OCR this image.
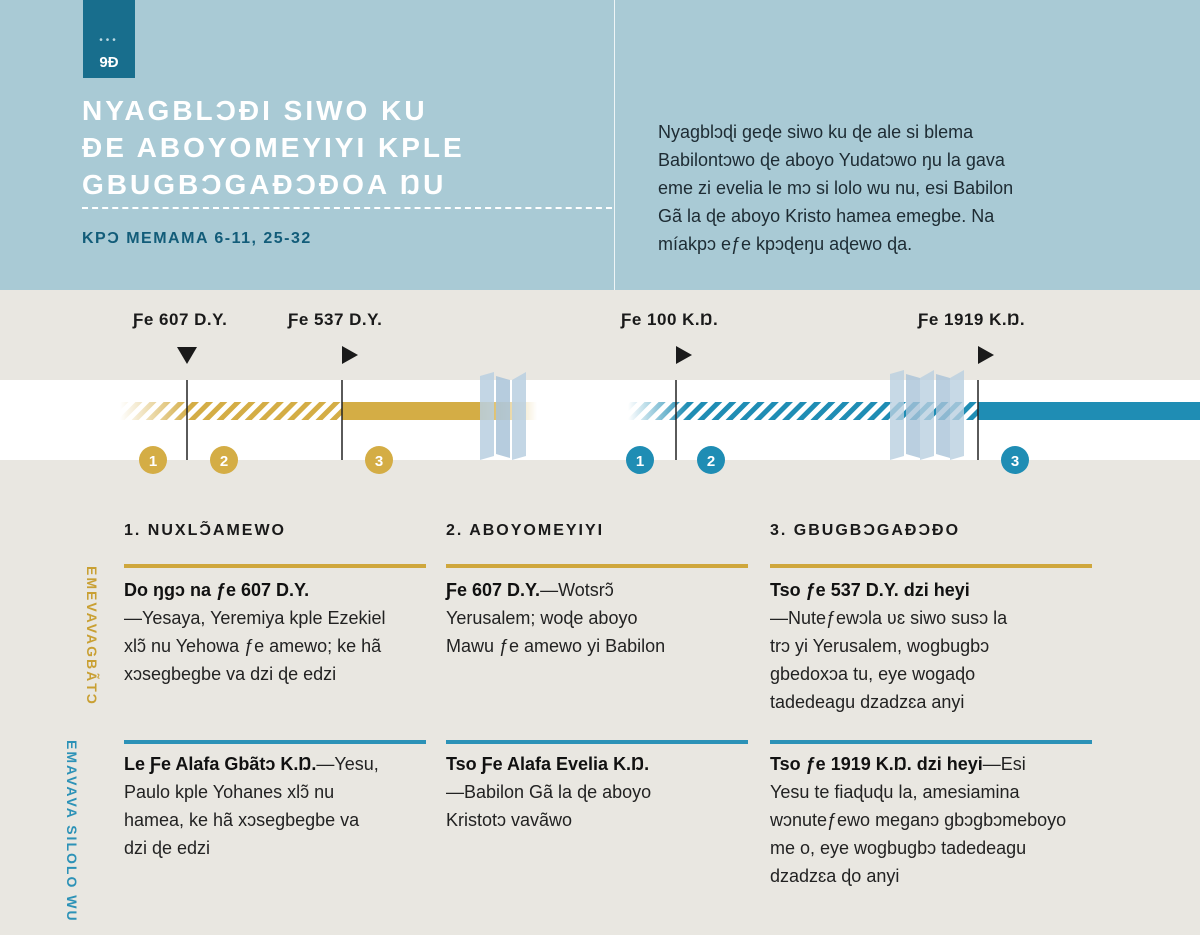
•••
9Đ
NYAGBLƆĐI SIWO KU
ĐE ABOYOMEYIYI KPLE
GBUGBƆGAĐƆĐOA ŊU
KPƆ MEMAMA 6-11, 25-32
Nyagblɔɖi geɖe siwo ku ɖe ale si blema
Babilontɔwo ɖe aboyo Yudatɔwo ŋu la gava
eme zi evelia le mɔ si lolo wu nu, esi Babilon
Gã la ɖe aboyo Kristo hamea emegbe. Na
míakpɔ eƒe kpɔɖeŋu aɖewo ɖa.
1	2	3	1	2	3
Ƒe 607 D.Y.	Ƒe 537 D.Y.	Ƒe 100 K.Ŋ.	Ƒe 1919 K.Ŋ.
1. NUXLƆ̃AMEWO	2. ABOYOMEYIYI	3. GBUGBƆGAĐƆĐO
EMEVAVAGBÃTƆ
Do ŋgɔ na ƒe 607 D.Y.
—Yesaya, Yeremiya kple Ezekiel
xlɔ̃ nu Yehowa ƒe amewo; ke hã
xɔsegbegbe va dzi ɖe edzi
Ƒe 607 D.Y.—Wotsrɔ̃
Yerusalem; woɖe aboyo
Mawu ƒe amewo yi Babilon
Tso ƒe 537 D.Y. dzi heyi
—Nuteƒewɔla ʋɛ siwo susɔ la
trɔ yi Yerusalem, wogbugbɔ
gbedoxɔa tu, eye wogaɖo
tadedeagu dzadzɛa anyi
EMAVAVA SILOLO WU
Le Ƒe Alafa Gbãtɔ K.Ŋ.—Yesu,
Paulo kple Yohanes xlɔ̃ nu
hamea, ke hã xɔsegbegbe va
dzi ɖe edzi
Tso Ƒe Alafa Evelia K.Ŋ.
—Babilon Gã la ɖe aboyo
Kristotɔ vavãwo
Tso ƒe 1919 K.Ŋ. dzi heyi—Esi
Yesu te fiaɖuɖu la, amesiamina
wɔnuteƒewo meganɔ gbɔgbɔmeboyo
me o, eye wogbugbɔ tadedeagu
dzadzɛa ɖo anyi
